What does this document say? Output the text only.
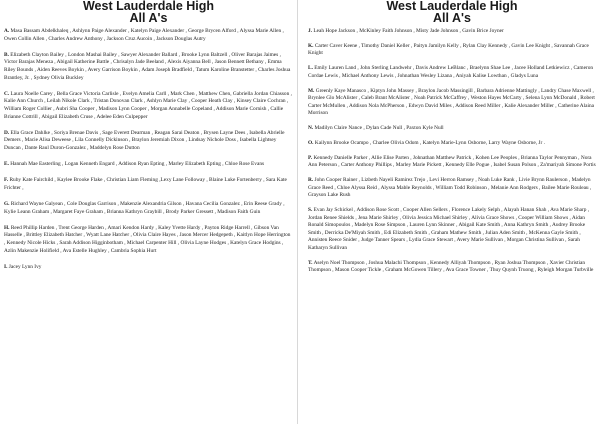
West Lauderdale High
All A's

A. Masa Bassam Abdelkhaleq , Ashlynn Paige Alexander , Katelyn Paige Alexander , George Brycen Alford , Alyssa Marie Allen , Owen Collin Allen , Charles Andrew Anthony , Jackson Cruz Aucoin , Jackson Douglas Autry

B. Elizabeth Clayton Bailey , London Mashai Bailey , Sawyer Alexander Ballard , Brooke Lynn Baltzell , Oliver Barajas Jaimes , Victor Barajas Meneza , Abigail Katherine Battle , Chrisalyn Jade Beeland , Alexis Aiyanna Bell , Jason Bennett Bethany , Emma Riley Bounds , Aiden Reeves Boykin , Avery Garrison Boykin , Adam Joseph Bradfield , Tatum Karoline Branstetter , Charles Joshua Brantley, Jr. , Sydney Olivia Buckley

C. Laura Noelle Carey , Bella Grace Victoria Carlisle , Evelyn Amelia Carll , Mark Chen , Matthew Chen, Gabriella Jordan Chiasson , Kalie Ann Church , Leilah Nikole Clark , Tristan Donovan Clark , Ashlyn Marie Clay , Cooper Heath Clay , Kinsey Claire Cochran , William Roger Collier , Aubri Sha Cooper , Madison Lynn Cooper , Morgan Annabelle Copeland , Addison Marie Cornish , Callie Brianne Cottrill , Abigail Elizabeth Cruse , Adelee Eden Culpepper

D. Ella Grace Dahlke , Soriya Brenae Davis , Sage Everett Dearman , Reagan Sarai Deaton , Brysen Layne Dees , Isabella Abrielle Demers , Macie Alisa Deweese , Lila Connelly Dickinson , Braylon Jeremiah Dixon , Lindsay Nichole Doss , Isabella Lightsey Duncan , Dante Raul Duron-Gonzalez , Maddelyn Rose Dutton

E. Hannah Mae Easterling , Logan Kenneth Engard , Addison Ryan Epting , Marley Elizabeth Epting , Chloe Rose Evans

F. Ruby Kate Fairchild , Kaylee Brooke Flake , Christian Liam Fleming ,Lexy Lane Followay , Blaine Luke Fortenberry , Sara Kate Frichter ,

G. Richard Wayne Galyean , Cole Douglas Garrison , Makenzie Alexandria Gilson , Havana Cecilia Gonzalez , Erin Reese Grady , Kylie Leann Graham , Margaret Faye Graham , Brianna Kathryn Graybill , Brody Parker Gressett , Madison Faith Guin

H. Reed Phillip Harden , Trent George Harden , Amari Kendon Hardy , Kaley Yvette Hardy , Payton Ridge Harrell , Gibson Van Hasselle , Brittley Elizabeth Hatcher , Wyatt Lane Hatcher , Olivia Claire Hayes , Jason Mercer Hedgepeth , Kaitlyn Hope Herrington , Kennedy Nicole Hicks , Sarah Addison Higginbotham , Michael Carpenter Hill , Olivia Layne Hodges , Katelyn Grace Hodgins , Azlin Makenzie Holifield , Ava Estelle Hughley , Cambria Sophia Hurt

I. Jacey Lynn Ivy

West Lauderdale High
All A's

J. Leah Hope Jackson , McKinley Faith Johnson , Misty Jade Johnson , Gavin Brice Joyner

K. Carter Caver Keene , Timothy Daniel Keller , Paityn Jamilyn Kelly , Rylan Clay Kennedy , Gavin Lee Knight , Savannah Grace Knight

L. Emily Lauren Land , John Sterling Landwehr , Davis Andrew LeBlanc , Braelynn Shae Lee , Jacee Holland Letkiewicz , Cameron Cordae Lewis , Michael Anthony Lewis , Johnathan Wesley Lizana , Aniyah Kalise Lowthan , Gladys Luna

M. Greenly Kaye Manasco , Kiptyn John Massey , Braylon Jacob Massingill , Barbara Adrienne Mattingly , Landry Chase Maxwell , Brynlee Glo McAlister , Caleb Brant McAlister , Noah Patrick McCaffrey , Weston Hayes McCarty , Selena Lynn McDonald , Robert Carter McMullen , Addison Nola McPherson , Edwyn David Miles , Addison Reed Miller , Kalie Alexander Miller , Catherine Alaina Morrison

N. Madilyn Claire Nance , Dylan Cade Null , Paxton Kyle Null

O. Kailynn Brooke Ocampo , Charlee Olivia Odom , Katelyn Marie-Lynn Osborne, Larry Wayne Osborne, Jr .

P. Kennedy Danielle Parker , Allie Elise Parten , Johnathan Matthew Patrick , Kohen Lee Peoples , Brianna Taylor Pennyman , Nora Ann Peterson , Carter Anthony Phillips , Marley Marie Pickett , Kennedy Elle Pogue , Isabel Susan Polson , Za'mariyah Simone Portis

R. John Cooper Rainer , Lizbeth Nayeli Ramirez Trejo , Levi Herron Ramsey , Noah Luke Rank , Livie Brynn Raulerson , Madelyn Grace Reed , Chloe Alyssa Reid , Alyssa Mable Reynolds , William Todd Robinson , Melanie Ann Rodgers , Bailee Marie Rouleau , Grayson Lake Rush

S. Evan Jay Schickel , Addison Rose Scott , Cooper Allen Sellers , Florence Lakely Selph , Alayah Hanan Shah , Ava Marie Sharp , Jordan Renee Shields , Jena Marie Shirley , Olivia Jessica Michael Shirley , Alivia Grace Shows , Cooper William Shows , Aidan Ronald Simopoulos , Madelyn Rose Simpson , Lauren Lynn Skinner , Abigail Kate Smith , Anna Kathryn Smith , Audrey Brooke Smith , Derricka De'Miyah Smith , Edi Elizabeth Smith , Graham Mathew Smith , Julian Aden Smith , McKenna Gayle Smith , Annisten Reece Snider , Judge Tanner Spears , Lydia Grace Stewart , Avery Marie Sullivan , Morgan Christina Sullivan , Sarah Katharyn Sullivan

T. Aselyn Noel Thompson , Joshua Malachi Thompson , Kennedy Alliyah Thompson , Ryan Joshua Thompson , Xavier Christian Thompson , Mason Cooper Tickle , Graham McGowen Tillery , Ava Grace Towner , Thuy Quynh Truong , Ryleigh Morgan Turbville
